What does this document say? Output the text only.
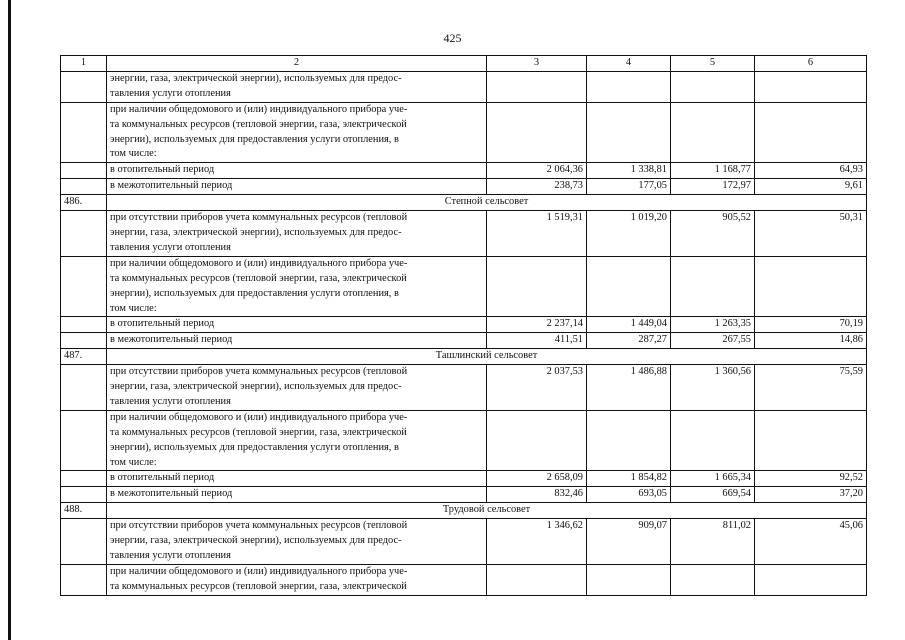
425
1	2	3	4	5	6

	энергии, газа, электрической энергии), используемых для предос-
тавления услуги отопления				

	при наличии общедомового и (или) индивидуального прибора уче-
та коммунальных ресурсов (тепловой энергии, газа, электрической
энергии), используемых для предоставления услуги отопления, в
том числе:				

	в отопительный период	2 064,36	1 338,81	1 168,77	64,93

	в межотопительный период	238,73	177,05	172,97	9,61
486.	Степной сельсовет				

	при отсутствии приборов учета коммунальных ресурсов (тепловой
энергии, газа, электрической энергии), используемых для предос-
тавления услуги отопления	1 519,31	1 019,20	905,52	50,31

	при наличии общедомового и (или) индивидуального прибора уче-
та коммунальных ресурсов (тепловой энергии, газа, электрической
энергии), используемых для предоставления услуги отопления, в
том числе:				

	в отопительный период	2 237,14	1 449,04	1 263,35	70,19

	в межотопительный период	411,51	287,27	267,55	14,86
487.	Ташлинский сельсовет				

	при отсутствии приборов учета коммунальных ресурсов (тепловой
энергии, газа, электрической энергии), используемых для предос-
тавления услуги отопления	2 037,53	1 486,88	1 360,56	75,59

	при наличии общедомового и (или) индивидуального прибора уче-
та коммунальных ресурсов (тепловой энергии, газа, электрической
энергии), используемых для предоставления услуги отопления, в
том числе:				

	в отопительный период	2 658,09	1 854,82	1 665,34	92,52

	в межотопительный период	832,46	693,05	669,54	37,20
488.	Трудовой сельсовет				

	при отсутствии приборов учета коммунальных ресурсов (тепловой
энергии, газа, электрической энергии), используемых для предос-
тавления услуги отопления	1 346,62	909,07	811,02	45,06

	при наличии общедомового и (или) индивидуального прибора уче-
та коммунальных ресурсов (тепловой энергии, газа, электрической				
